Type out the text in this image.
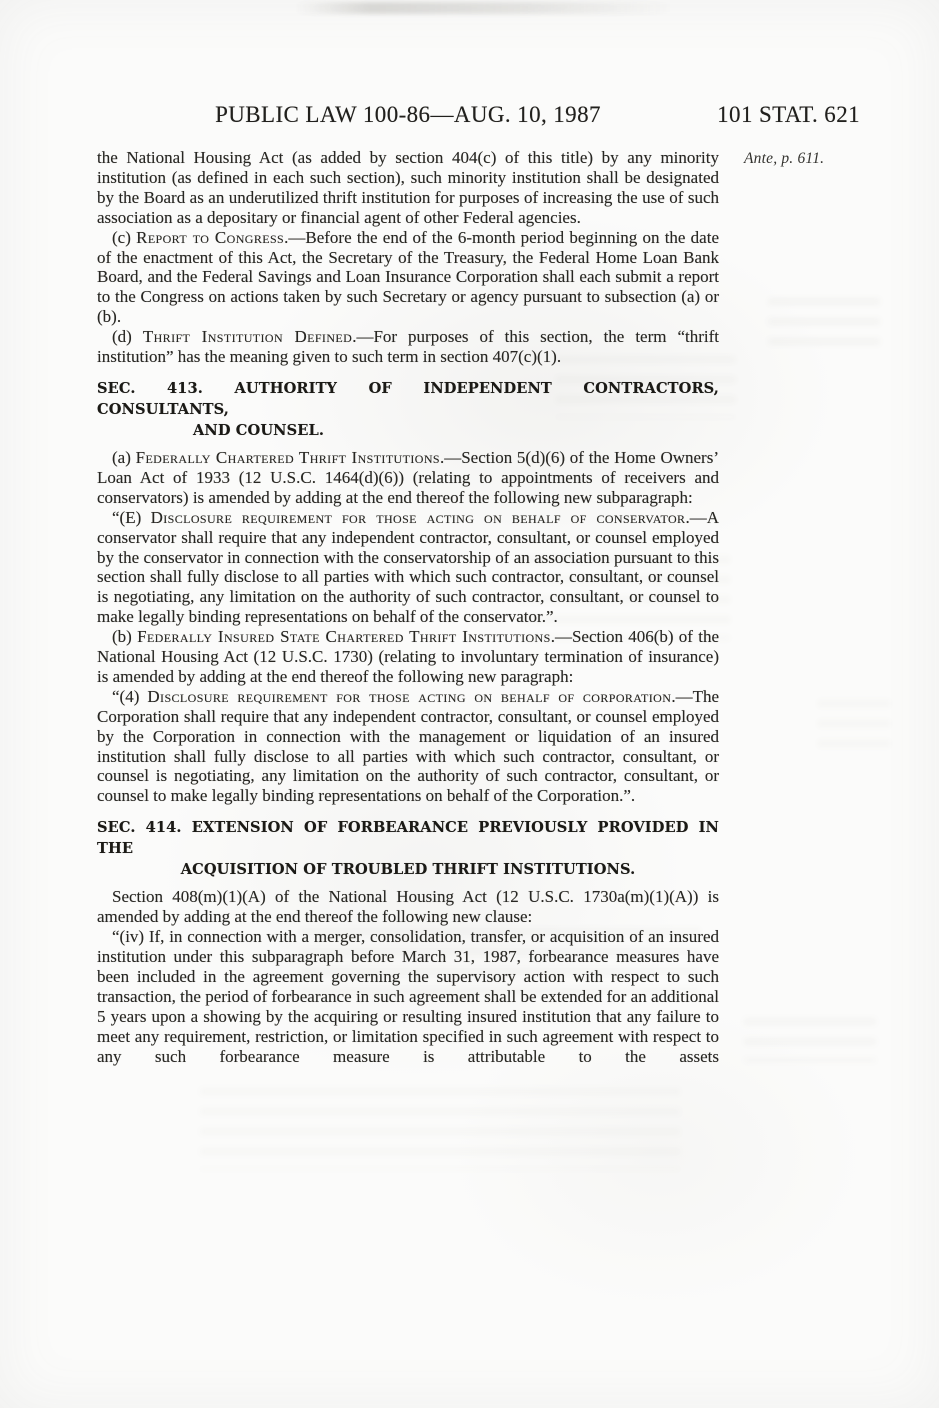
PUBLIC LAW 100-86—AUG. 10, 1987	101 STAT. 621
Ante, p. 611.

the National Housing Act (as added by section 404(c) of this title) by any minority institution (as defined in each such section), such minority institution shall be designated by the Board as an underutilized thrift institution for purposes of increasing the use of such association as a depositary or financial agent of other Federal agencies.

(c) Report to Congress.—Before the end of the 6-month period beginning on the date of the enactment of this Act, the Secretary of the Treasury, the Federal Home Loan Bank Board, and the Federal Savings and Loan Insurance Corporation shall each submit a report to the Congress on actions taken by such Secretary or agency pursuant to subsection (a) or (b).

(d) Thrift Institution Defined.—For purposes of this section, the term “thrift institution” has the meaning given to such term in section 407(c)(1).

SEC. 413. AUTHORITY OF INDEPENDENT CONTRACTORS, CONSULTANTS,
AND COUNSEL.

(a) Federally Chartered Thrift Institutions.—Section 5(d)(6) of the Home Owners’ Loan Act of 1933 (12 U.S.C. 1464(d)(6)) (relating to appointments of receivers and conservators) is amended by adding at the end thereof the following new subparagraph:

“(E) Disclosure requirement for those acting on behalf of conservator.—A conservator shall require that any independent contractor, consultant, or counsel employed by the conservator in connection with the conservatorship of an association pursuant to this section shall fully disclose to all parties with which such contractor, consultant, or counsel is negotiating, any limitation on the authority of such contractor, consultant, or counsel to make legally binding representations on behalf of the conservator.”.

(b) Federally Insured State Chartered Thrift Institutions.—Section 406(b) of the National Housing Act (12 U.S.C. 1730) (relating to involuntary termination of insurance) is amended by adding at the end thereof the following new paragraph:

“(4) Disclosure requirement for those acting on behalf of corporation.—The Corporation shall require that any independent contractor, consultant, or counsel employed by the Corporation in connection with the management or liquidation of an insured institution shall fully disclose to all parties with which such contractor, consultant, or counsel is negotiating, any limitation on the authority of such contractor, consultant, or counsel to make legally binding representations on behalf of the Corporation.”.

SEC. 414. EXTENSION OF FORBEARANCE PREVIOUSLY PROVIDED IN THE
ACQUISITION OF TROUBLED THRIFT INSTITUTIONS.

Section 408(m)(1)(A) of the National Housing Act (12 U.S.C. 1730a(m)(1)(A)) is amended by adding at the end thereof the following new clause:

“(iv) If, in connection with a merger, consolidation, transfer, or acquisition of an insured institution under this subparagraph before March 31, 1987, forbearance measures have been included in the agreement governing the supervisory action with respect to such transaction, the period of forbearance in such agreement shall be extended for an additional 5 years upon a showing by the acquiring or resulting insured institution that any failure to meet any requirement, restriction, or limitation specified in such agreement with respect to any such forbearance measure is attributable to the assets
